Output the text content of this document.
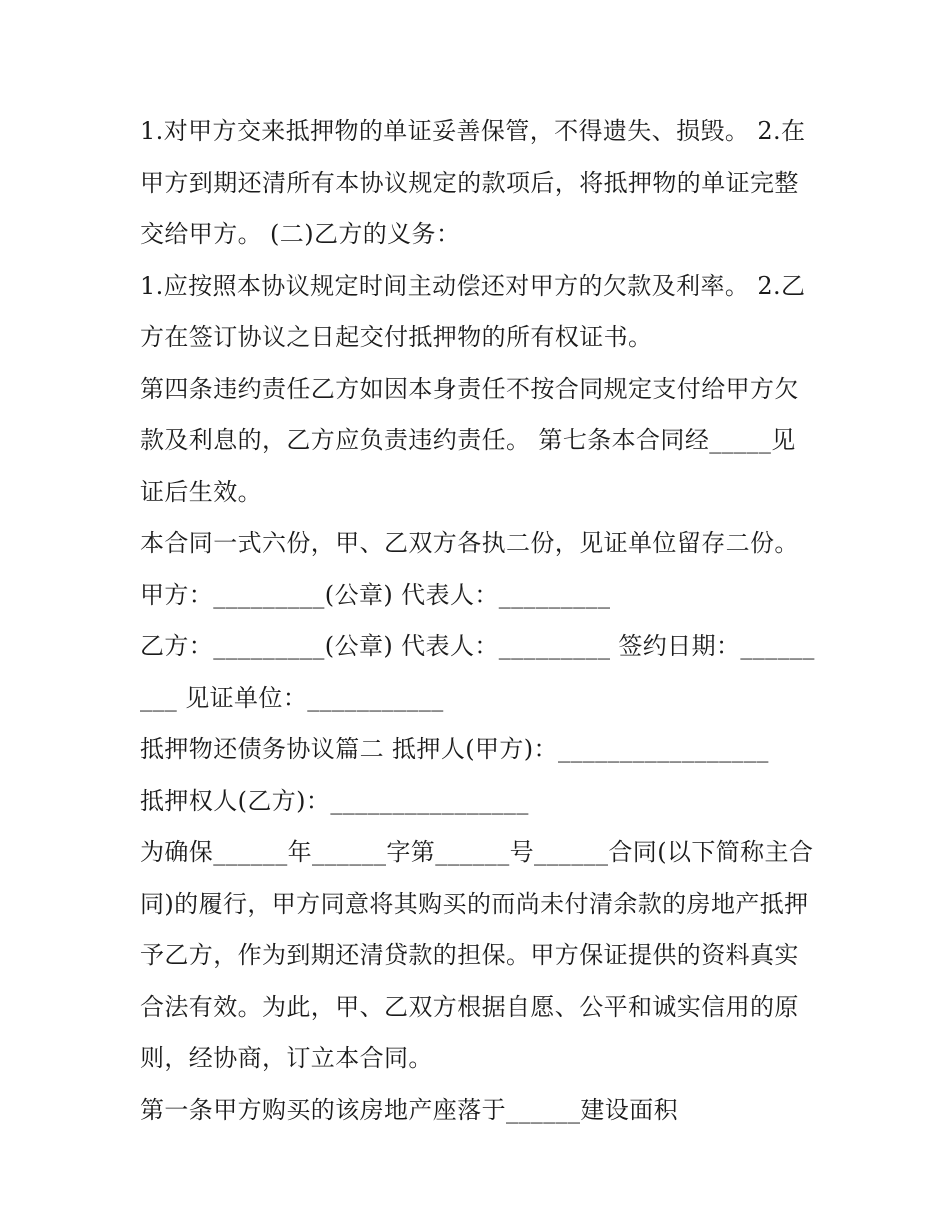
1.对甲方交来抵押物的单证妥善保管，不得遗失、损毁。 2.在甲方到期还清所有本协议规定的款项后，将抵押物的单证完整交给甲方。 (二)乙方的义务：

1.应按照本协议规定时间主动偿还对甲方的欠款及利率。 2.乙方在签订协议之日起交付抵押物的所有权证书。

第四条违约责任乙方如因本身责任不按合同规定支付给甲方欠款及利息的，乙方应负责违约责任。 第七条本合同经_____见证后生效。

本合同一式六份，甲、乙双方各执二份，见证单位留存二份。

甲方：_________(公章) 代表人：_________

乙方：_________(公章) 代表人：_________ 签约日期：_________ 见证单位：___________

抵押物还债务协议篇二 抵押人(甲方)：_________________

抵押权人(乙方)：________________

为确保______年______字第______号______合同(以下简称主合同)的履行，甲方同意将其购买的而尚未付清余款的房地产抵押予乙方，作为到期还清贷款的担保。甲方保证提供的资料真实合法有效。为此，甲、乙双方根据自愿、公平和诚实信用的原则，经协商，订立本合同。

第一条甲方购买的该房地产座落于______建设面积
